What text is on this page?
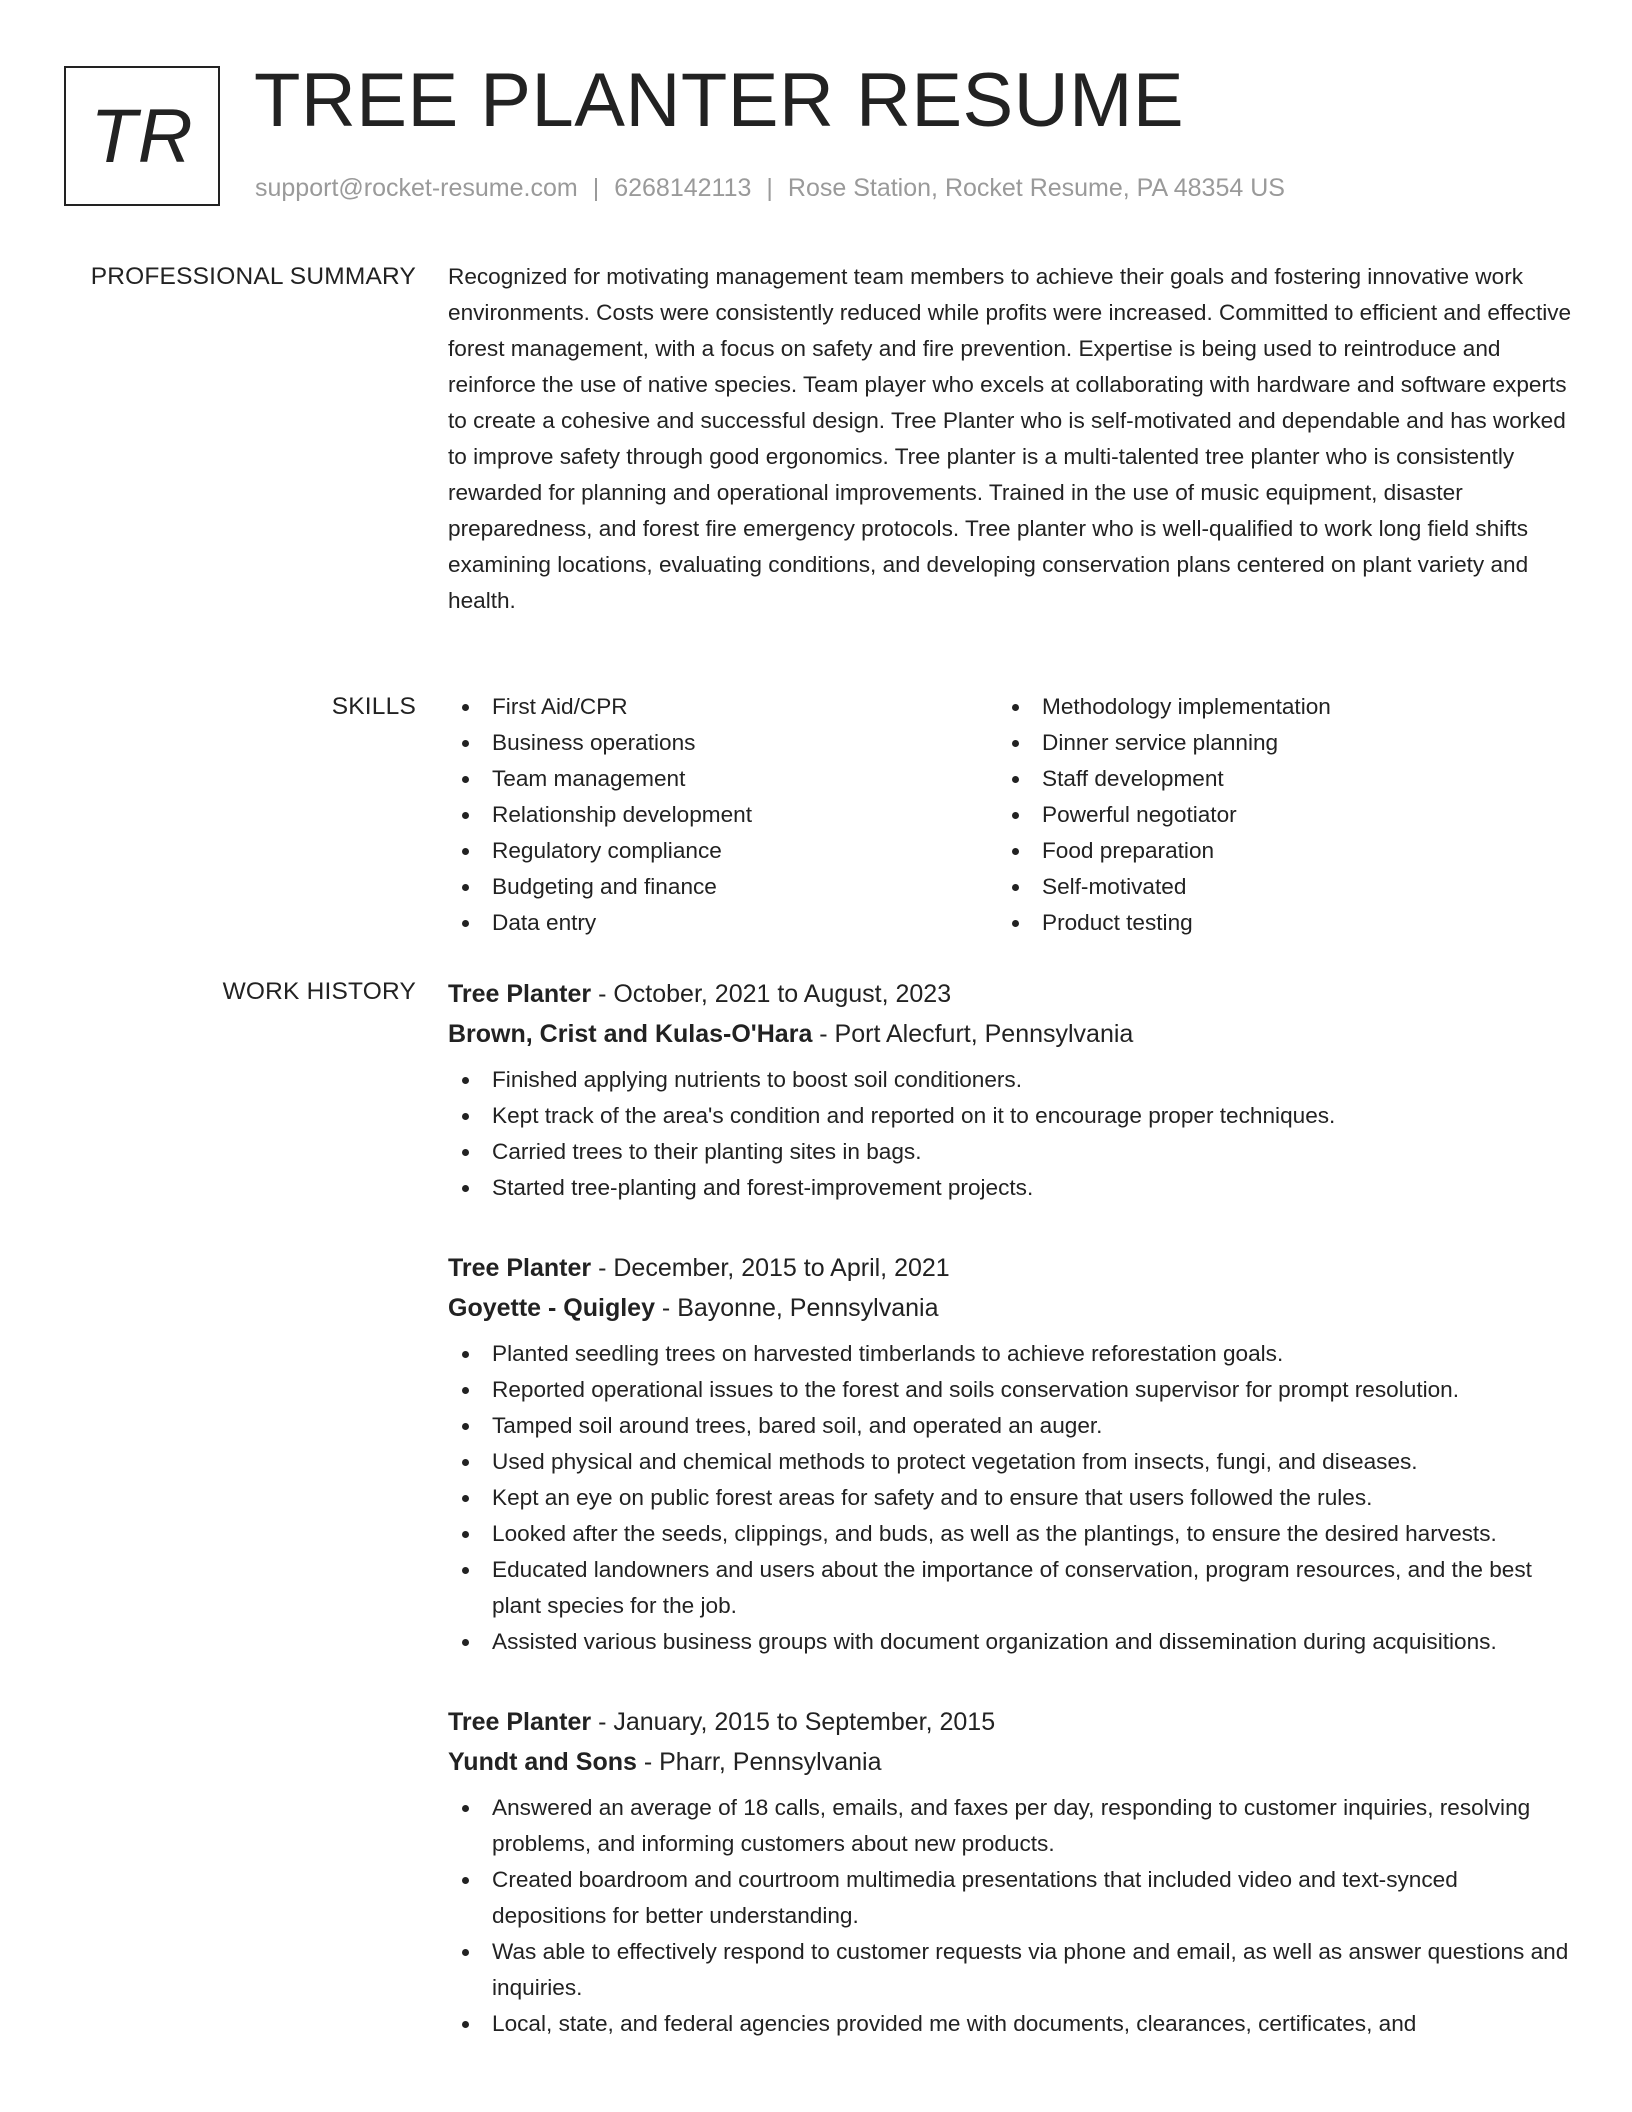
TR TREE PLANTER RESUME
support@rocket-resume.com | 6268142113 | Rose Station, Rocket Resume, PA 48354 US
PROFESSIONAL SUMMARY Recognized for motivating management team members to achieve their goals and fostering innovative work environments. Costs were consistently reduced while profits were increased. Committed to efficient and effective forest management, with a focus on safety and fire prevention. Expertise is being used to reintroduce and reinforce the use of native species. Team player who excels at collaborating with hardware and software experts to create a cohesive and successful design. Tree Planter who is self-motivated and dependable and has worked to improve safety through good ergonomics. Tree planter is a multi-talented tree planter who is consistently rewarded for planning and operational improvements. Trained in the use of music equipment, disaster preparedness, and forest fire emergency protocols. Tree planter who is well-qualified to work long field shifts examining locations, evaluating conditions, and developing conservation plans centered on plant variety and health.

SKILLS	First Aid/CPR
Business operations
Team management
Relationship development
Regulatory compliance
Budgeting and finance
Data entry
Methodology implementation
Dinner service planning
Staff development
Powerful negotiator
Food preparation
Self-motivated
Product testing
WORK HISTORY Tree Planter - October, 2021 to August, 2023
Brown, Crist and Kulas-O'Hara - Port Alecfurt, Pennsylvania
Finished applying nutrients to boost soil conditioners.
Kept track of the area's condition and reported on it to encourage proper techniques.
Carried trees to their planting sites in bags.
Started tree-planting and forest-improvement projects.
Tree Planter - December, 2015 to April, 2021
Goyette - Quigley - Bayonne, Pennsylvania
Planted seedling trees on harvested timberlands to achieve reforestation goals.
Reported operational issues to the forest and soils conservation supervisor for prompt resolution.
Tamped soil around trees, bared soil, and operated an auger.
Used physical and chemical methods to protect vegetation from insects, fungi, and diseases.
Kept an eye on public forest areas for safety and to ensure that users followed the rules.
Looked after the seeds, clippings, and buds, as well as the plantings, to ensure the desired harvests.
Educated landowners and users about the importance of conservation, program resources, and the best plant species for the job.
Assisted various business groups with document organization and dissemination during acquisitions.
Tree Planter - January, 2015 to September, 2015
Yundt and Sons - Pharr, Pennsylvania
Answered an average of 18 calls, emails, and faxes per day, responding to customer inquiries, resolving problems, and informing customers about new products.
Created boardroom and courtroom multimedia presentations that included video and text-synced depositions for better understanding.
Was able to effectively respond to customer requests via phone and email, as well as answer questions and inquiries.
Local, state, and federal agencies provided me with documents, clearances, certificates, and
